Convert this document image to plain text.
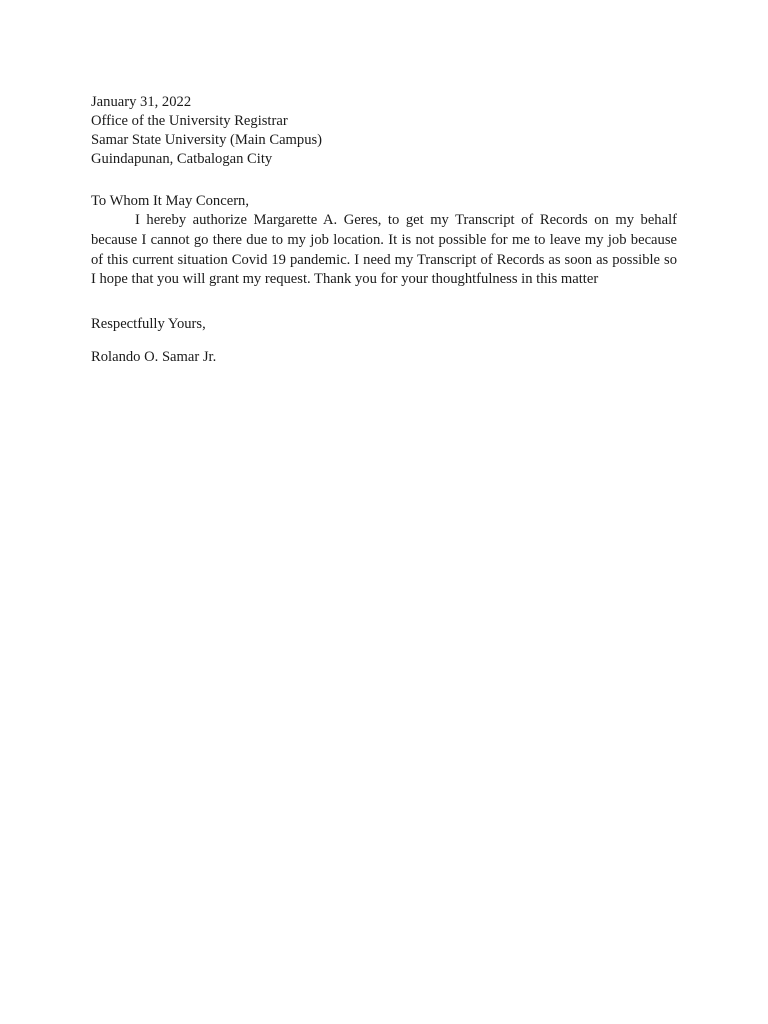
January 31, 2022
Office of the University Registrar
Samar State University (Main Campus)
Guindapunan, Catbalogan City
To Whom It May Concern,

I hereby authorize Margarette A. Geres, to get my Transcript of Records on my behalf because I cannot go there due to my job location. It is not possible for me to leave my job because of this current situation Covid 19 pandemic. I need my Transcript of Records as soon as possible so I hope that you will grant my request. Thank you for your thoughtfulness in this matter

Respectfully Yours,
Rolando O. Samar Jr.
